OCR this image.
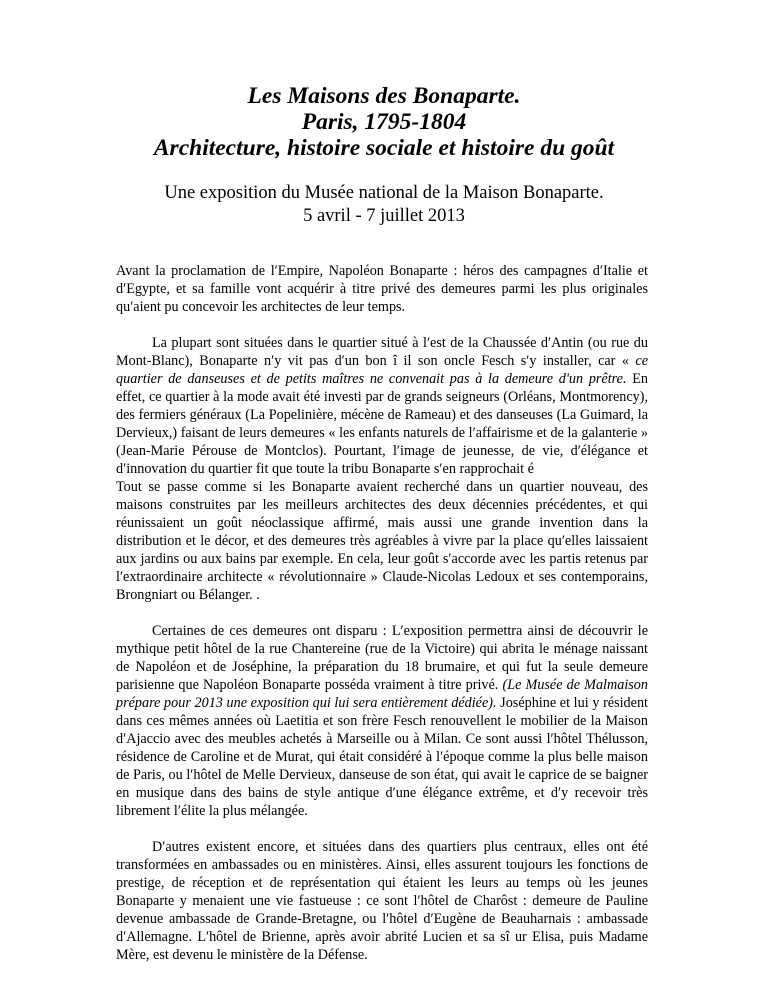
Les Maisons des Bonaparte.
Paris, 1795-1804
Architecture, histoire sociale et histoire du goût
Une exposition du Musée national de la Maison Bonaparte.
5 avril - 7 juillet 2013

Avant la proclamation de lʹEmpire, Napoléon Bonaparte : héros des campagnes dʹItalie et dʹEgypte, et sa famille vont acquérir à titre privé des demeures parmi les plus originales quʹaient pu concevoir les architectes de leur temps.

La plupart sont situées dans le quartier situé à lʹest de la Chaussée dʹAntin (ou rue du Mont-Blanc), Bonaparte nʹy vit pas dʹun bon î il son oncle Fesch sʹy installer, car « ce quartier de danseuses et de petits maîtres ne convenait pas à la demeure dʹun prêtre. En effet, ce quartier à la mode avait été investi par de grands seigneurs (Orléans, Montmorency), des fermiers généraux (La Popelinière, mécène de Rameau) et des danseuses (La Guimard, la Dervieux,) faisant de leurs demeures « les enfants naturels de lʹaffairisme et de la galanterie » (Jean-Marie Pérouse de Montclos). Pourtant, lʹimage de jeunesse, de vie, dʹélégance et dʹinnovation du quartier fit que toute la tribu Bonaparte sʹen rapprochait é

Tout se passe comme si les Bonaparte avaient recherché dans un quartier nouveau, des maisons construites par les meilleurs architectes des deux décennies précédentes, et qui réunissaient un goût néoclassique affirmé, mais aussi une grande invention dans la distribution et le décor, et des demeures très agréables à vivre par la place quʹelles laissaient aux jardins ou aux bains par exemple. En cela, leur goût sʹaccorde avec les partis retenus par lʹextraordinaire architecte « révolutionnaire » Claude-Nicolas Ledoux et ses contemporains, Brongniart ou Bélanger. .

Certaines de ces demeures ont disparu : Lʹexposition permettra ainsi de découvrir le mythique petit hôtel de la rue Chantereine (rue de la Victoire) qui abrita le ménage naissant de Napoléon et de Joséphine, la préparation du 18 brumaire, et qui fut la seule demeure parisienne que Napoléon Bonaparte posséda vraiment à titre privé. (Le Musée de Malmaison prépare pour 2013 une exposition qui lui sera entièrement dédiée). Joséphine et lui y résident dans ces mêmes années où Laetitia et son frère Fesch renouvellent le mobilier de la Maison dʹAjaccio avec des meubles achetés à Marseille ou à Milan. Ce sont aussi lʹhôtel Thélusson, résidence de Caroline et de Murat, qui était considéré à lʹépoque comme la plus belle maison de Paris, ou lʹhôtel de Melle Dervieux, danseuse de son état, qui avait le caprice de se baigner en musique dans des bains de style antique dʹune élégance extrême, et dʹy recevoir très librement lʹélite la plus mélangée.

Dʹautres existent encore, et situées dans des quartiers plus centraux, elles ont été transformées en ambassades ou en ministères. Ainsi, elles assurent toujours les fonctions de prestige, de réception et de représentation qui étaient les leurs au temps où les jeunes Bonaparte y menaient une vie fastueuse : ce sont lʹhôtel de Charôst : demeure de Pauline devenue ambassade de Grande-Bretagne, ou lʹhôtel dʹEugène de Beauharnais : ambassade dʹAllemagne. Lʹhôtel de Brienne, après avoir abrité Lucien et sa sî ur Elisa, puis Madame Mère, est devenu le ministère de la Défense.
